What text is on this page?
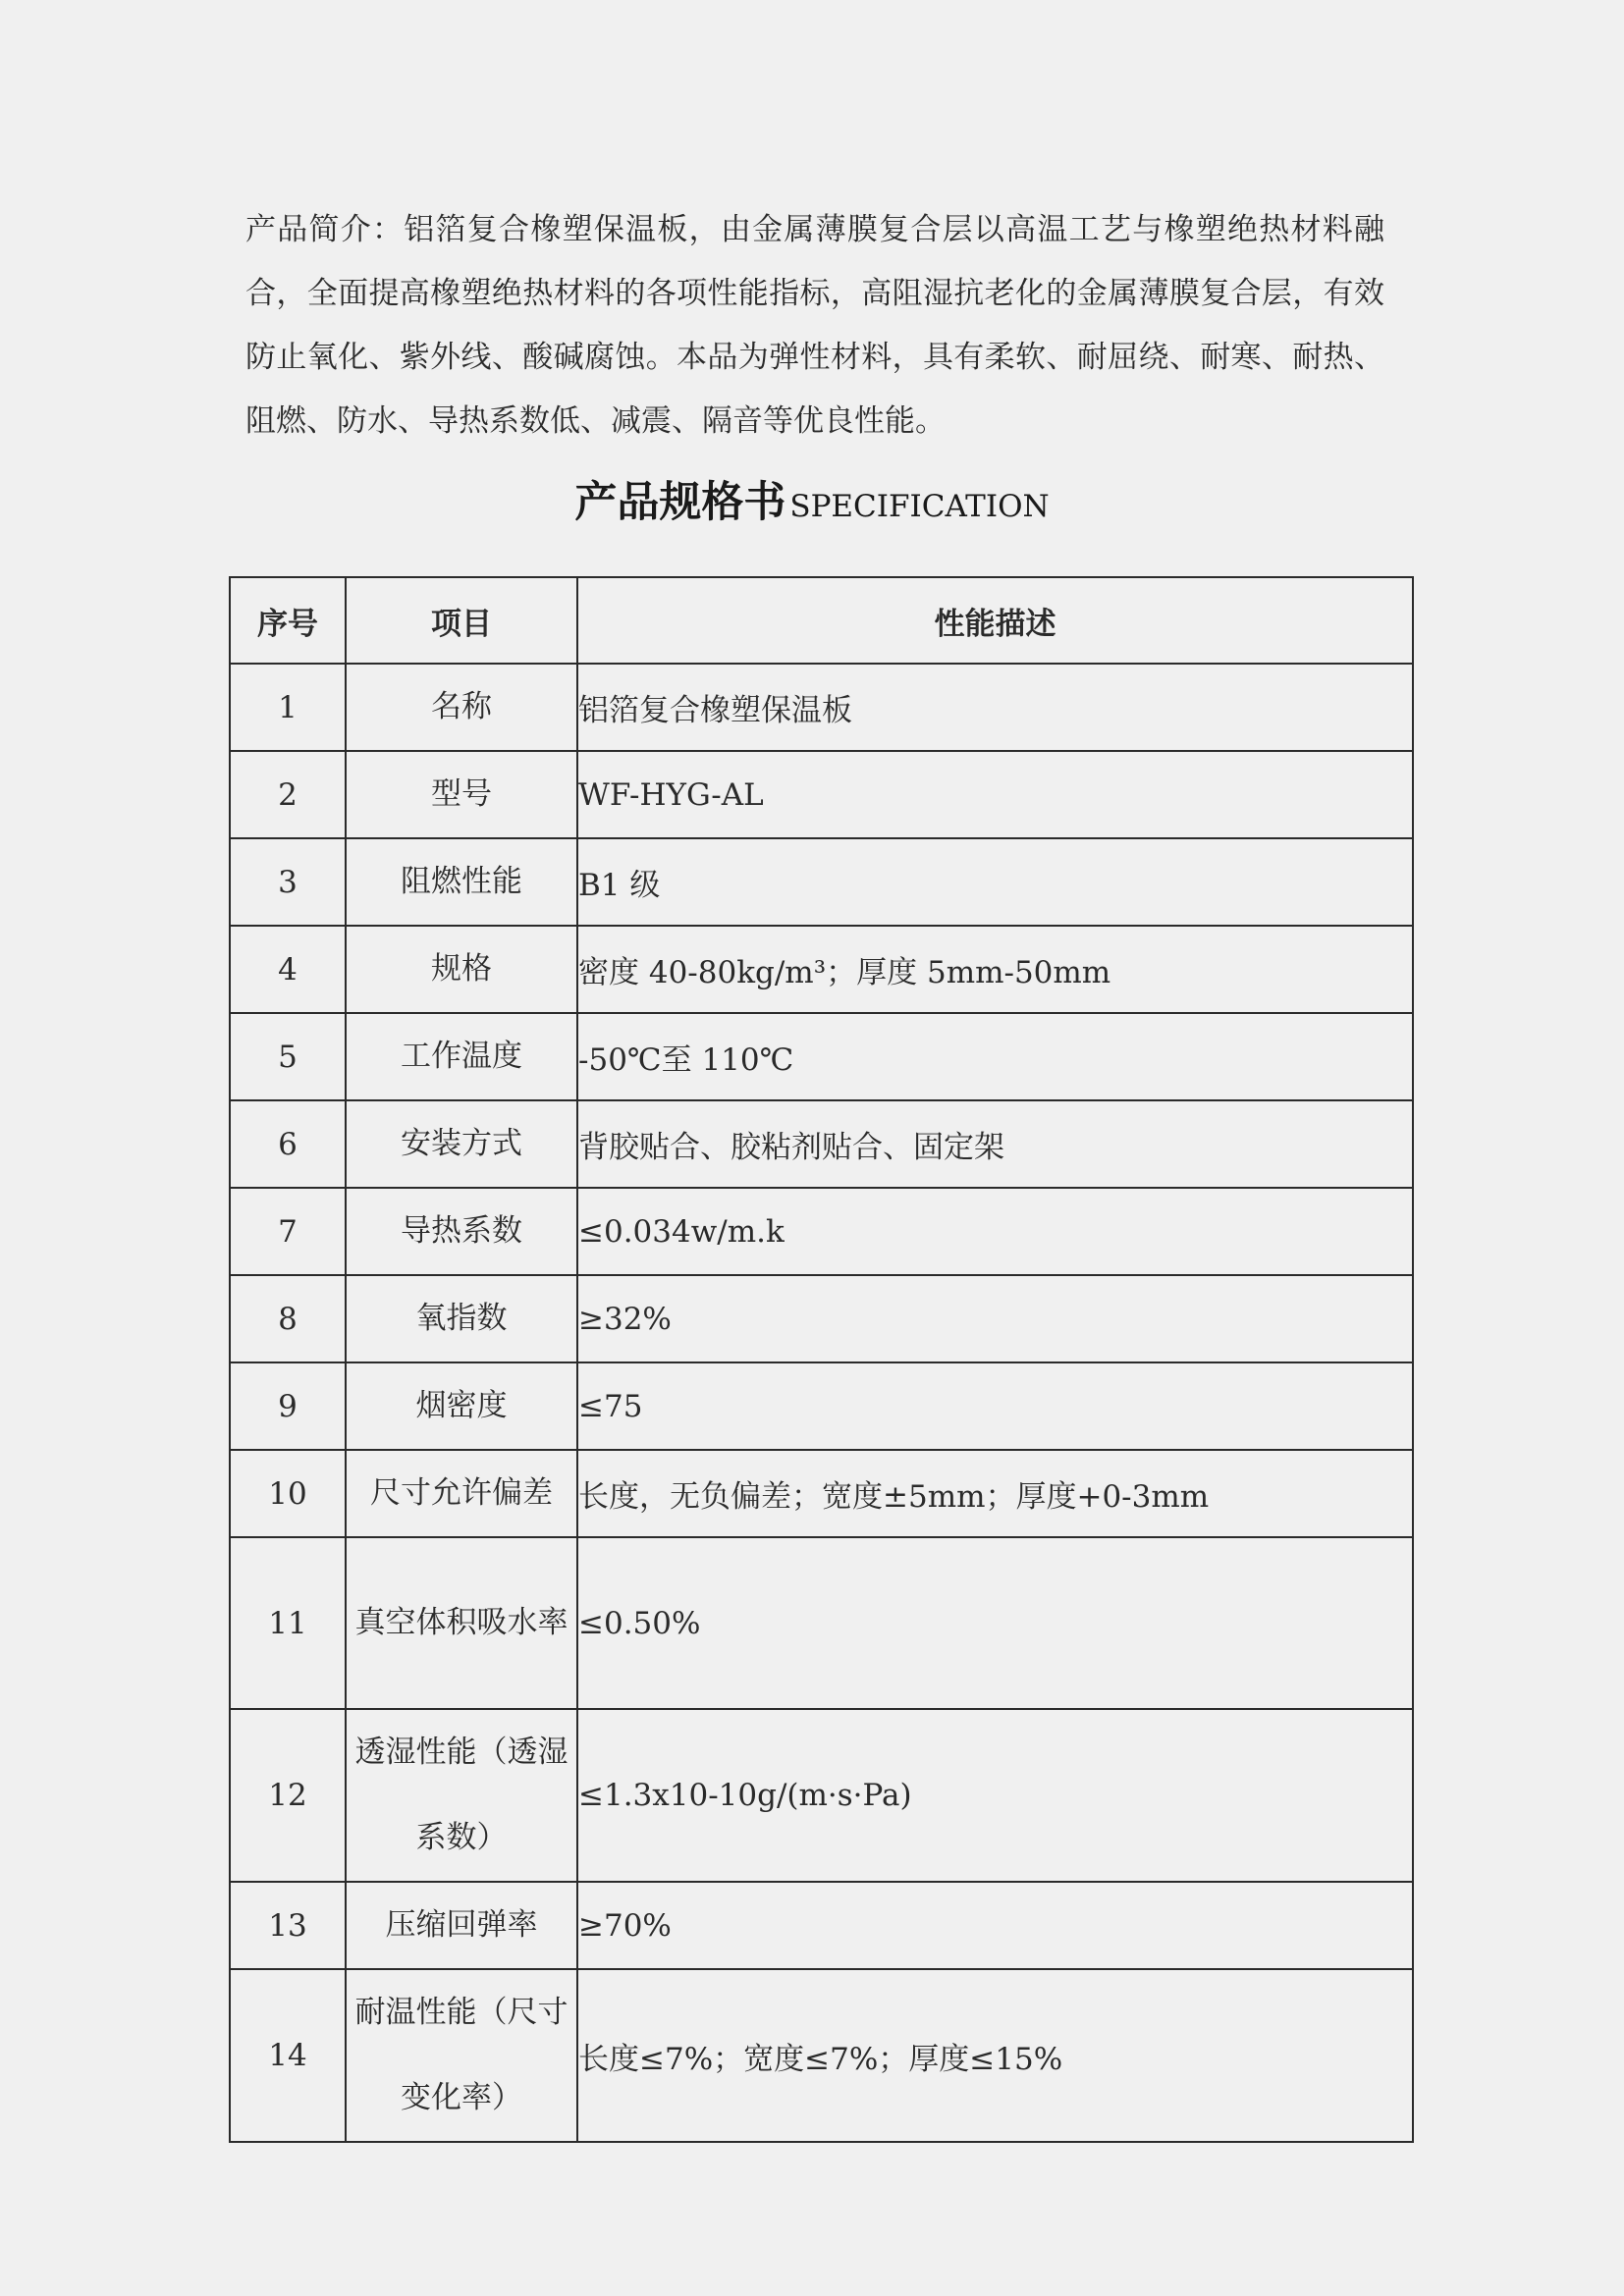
产品简介：铝箔复合橡塑保温板，由金属薄膜复合层以高温工艺与橡塑绝热材料融合，全面提高橡塑绝热材料的各项性能指标，高阻湿抗老化的金属薄膜复合层，有效防止氧化、紫外线、酸碱腐蚀。本品为弹性材料，具有柔软、耐屈绕、耐寒、耐热、阻燃、防水、导热系数低、减震、隔音等优良性能。
产品规格书 SPECIFICATION
序号	项目	性能描述
1	名称	铝箔复合橡塑保温板
2	型号	WF-HYG-AL
3	阻燃性能	B1 级
4	规格	密度 40-80kg/m³；厚度 5mm-50mm
5	工作温度	-50℃至 110℃
6	安装方式	背胶贴合、胶粘剂贴合、固定架
7	导热系数	≤0.034w/m.k
8	氧指数	≥32%
9	烟密度	≤75
10	尺寸允许偏差	长度，无负偏差；宽度±5mm；厚度+0-3mm
11	真空体积吸水率	≤0.50%
12	透湿性能（透湿系数）	≤1.3x10-10g/(m·s·Pa)
13	压缩回弹率	≥70%
14	耐温性能（尺寸变化率）	长度≤7%；宽度≤7%；厚度≤15%
